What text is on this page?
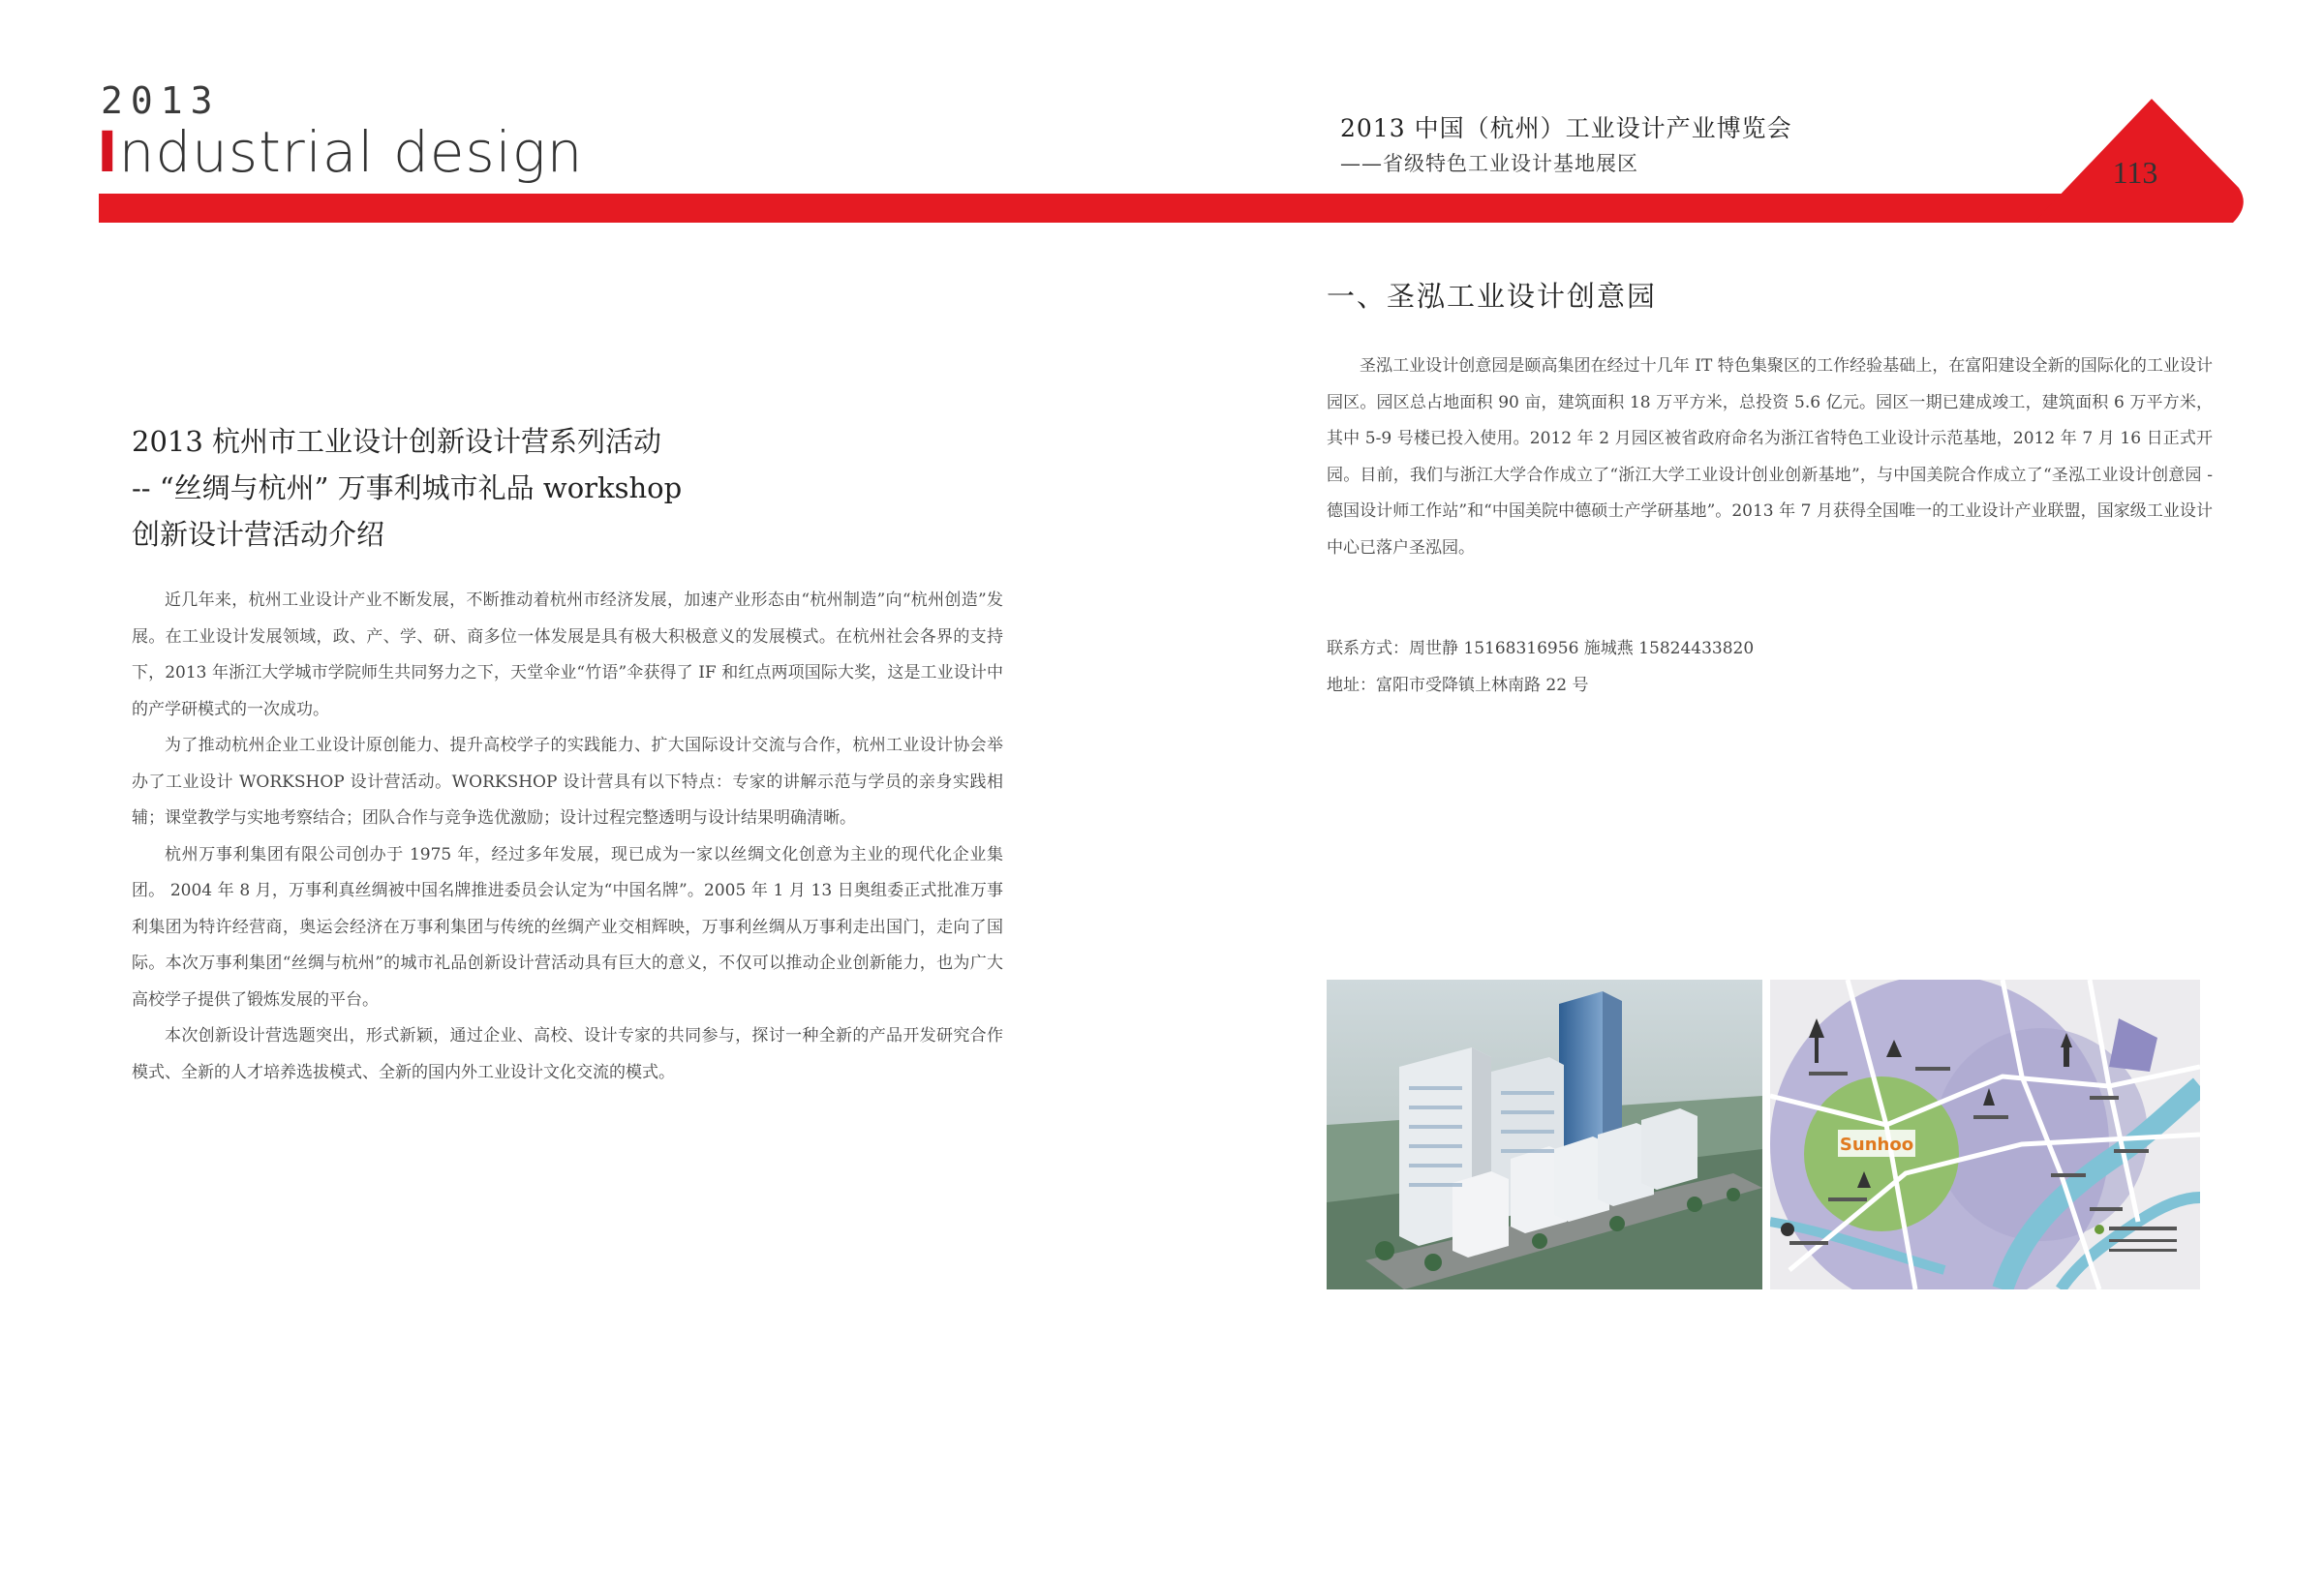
2013
Industrial design	113
2013 中国（杭州）工业设计产业博览会
——省级特色工业设计基地展区
2013 杭州市工业设计创新设计营系列活动
-- “丝绸与杭州” 万事利城市礼品 workshop
创新设计营活动介绍

近几年来，杭州工业设计产业不断发展，不断推动着杭州市经济发展，加速产业形态由“杭州制造”向“杭州创造”发展。在工业设计发展领域，政、产、学、研、商多位一体发展是具有极大积极意义的发展模式。在杭州社会各界的支持下，2013 年浙江大学城市学院师生共同努力之下，天堂伞业“竹语”伞获得了 IF 和红点两项国际大奖，这是工业设计中的产学研模式的一次成功。

为了推动杭州企业工业设计原创能力、提升高校学子的实践能力、扩大国际设计交流与合作，杭州工业设计协会举办了工业设计 WORKSHOP 设计营活动。WORKSHOP 设计营具有以下特点：专家的讲解示范与学员的亲身实践相辅；课堂教学与实地考察结合；团队合作与竞争选优激励；设计过程完整透明与设计结果明确清晰。

杭州万事利集团有限公司创办于 1975 年，经过多年发展，现已成为一家以丝绸文化创意为主业的现代化企业集团。 2004 年 8 月，万事利真丝绸被中国名牌推进委员会认定为“中国名牌”。2005 年 1 月 13 日奥组委正式批准万事利集团为特许经营商，奥运会经济在万事利集团与传统的丝绸产业交相辉映，万事利丝绸从万事利走出国门，走向了国际。本次万事利集团“丝绸与杭州”的城市礼品创新设计营活动具有巨大的意义，不仅可以推动企业创新能力，也为广大高校学子提供了锻炼发展的平台。

本次创新设计营选题突出，形式新颖，通过企业、高校、设计专家的共同参与，探讨一种全新的产品开发研究合作模式、全新的人才培养选拔模式、全新的国内外工业设计文化交流的模式。

一、圣泓工业设计创意园

圣泓工业设计创意园是颐高集团在经过十几年 IT 特色集聚区的工作经验基础上，在富阳建设全新的国际化的工业设计园区。园区总占地面积 90 亩，建筑面积 18 万平方米，总投资 5.6 亿元。园区一期已建成竣工，建筑面积 6 万平方米，其中 5-9 号楼已投入使用。2012 年 2 月园区被省政府命名为浙江省特色工业设计示范基地，2012 年 7 月 16 日正式开园。目前，我们与浙江大学合作成立了“浙江大学工业设计创业创新基地”，与中国美院合作成立了“圣泓工业设计创意园 - 德国设计师工作站”和“中国美院中德硕士产学研基地”。2013 年 7 月获得全国唯一的工业设计产业联盟，国家级工业设计中心已落户圣泓园。

联系方式：周世静 15168316956 施城燕 15824433820
地址：富阳市受降镇上林南路 22 号
Sunhoo
